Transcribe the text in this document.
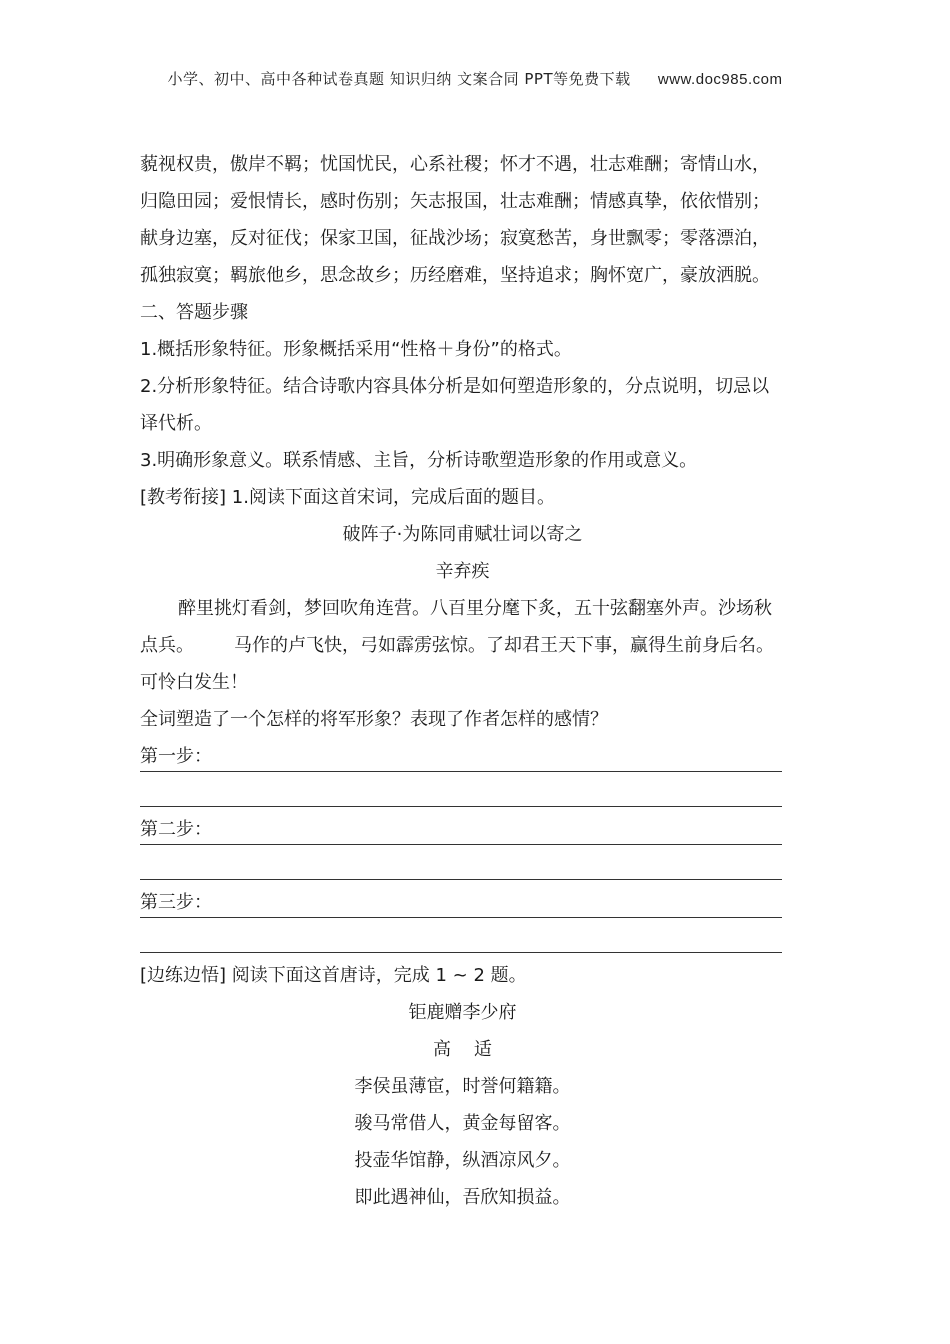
小学、初中、高中各种试卷真题 知识归纳 文案合同 PPT等免费下载 www.doc985.com
藐视权贵，傲岸不羁；忧国忧民，心系社稷；怀才不遇，壮志难酬；寄情山水，
归隐田园；爱恨情长，感时伤别；矢志报国，壮志难酬；情感真挚，依依惜别；
献身边塞，反对征伐；保家卫国，征战沙场；寂寞愁苦，身世飘零；零落漂泊，
孤独寂寞；羁旅他乡，思念故乡；历经磨难，坚持追求；胸怀宽广，豪放洒脱。
二、答题步骤
1.概括形象特征。形象概括采用“性格＋身份”的格式。
2.分析形象特征。结合诗歌内容具体分析是如何塑造形象的，分点说明，切忌以
译代析。
3.明确形象意义。联系情感、主旨，分析诗歌塑造形象的作用或意义。
[教考衔接] 1.阅读下面这首宋词，完成后面的题目。
破阵子·为陈同甫赋壮词以寄之
辛弃疾
醉里挑灯看剑，梦回吹角连营。八百里分麾下炙，五十弦翻塞外声。沙场秋
点兵。       马作的卢飞快，弓如霹雳弦惊。了却君王天下事，赢得生前身后名。
可怜白发生！
全词塑造了一个怎样的将军形象？表现了作者怎样的感情？
第一步：
第二步：
第三步：
[边练边悟] 阅读下面这首唐诗，完成 1 ~ 2 题。
钜鹿赠李少府
高    适
李侯虽薄宦，时誉何籍籍。
骏马常借人，黄金每留客。
投壶华馆静，纵酒凉风夕。
即此遇神仙，吾欣知损益。
